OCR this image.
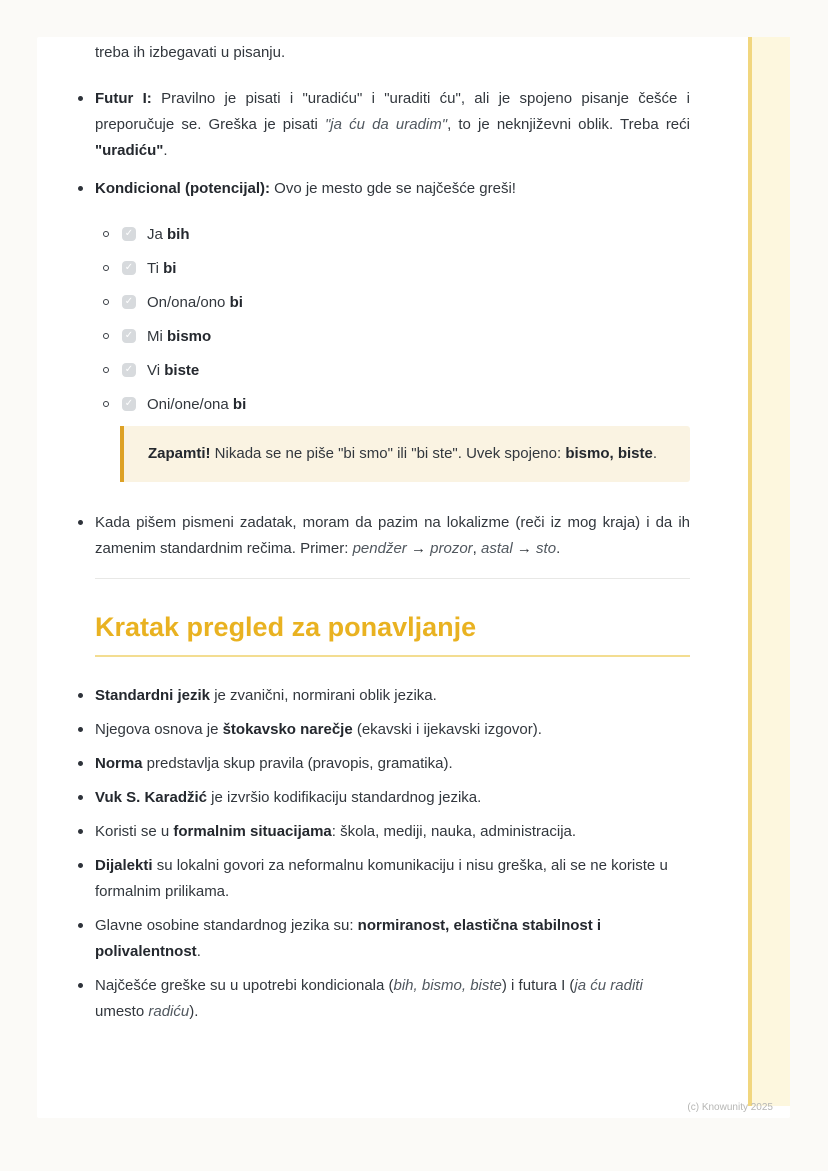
treba ih izbegavati u pisanju.

Futur I: Pravilno je pisati i "uradiću" i "uraditi ću", ali je spojeno pisanje češće i preporučuje se. Greška je pisati "ja ću da uradim", to je neknjiževni oblik. Treba reći "uradiću".
Kondicional (potencijal): Ovo je mesto gde se najčešće greši!
✓ Ja bih
✓ Ti bi
✓ On/ona/ono bi
✓ Mi bismo
✓ Vi biste
✓ Oni/one/ona bi

Zapamti! Nikada se ne piše "bi smo" ili "bi ste". Uvek spojeno: bismo, biste.

Kada pišem pismeni zadatak, moram da pazim na lokalizme (reči iz mog kraja) i da ih zamenim standardnim rečima. Primer: pendžer → prozor, astal → sto.
Kratak pregled za ponavljanje
Standardni jezik je zvanični, normirani oblik jezika.
Njegova osnova je štokavsko narečje (ekavski i ijekavski izgovor).
Norma predstavlja skup pravila (pravopis, gramatika).
Vuk S. Karadžić je izvršio kodifikaciju standardnog jezika.
Koristi se u formalnim situacijama: škola, mediji, nauka, administracija.
Dijalekti su lokalni govori za neformalnu komunikaciju i nisu greška, ali se ne koriste u formalnim prilikama.
Glavne osobine standardnog jezika su: normiranost, elastična stabilnost i polivalentnost.
Najčešće greške su u upotrebi kondicionala (bih, bismo, biste) i futura I (ja ću raditi umesto radiću).
(c) Knowunity 2025
